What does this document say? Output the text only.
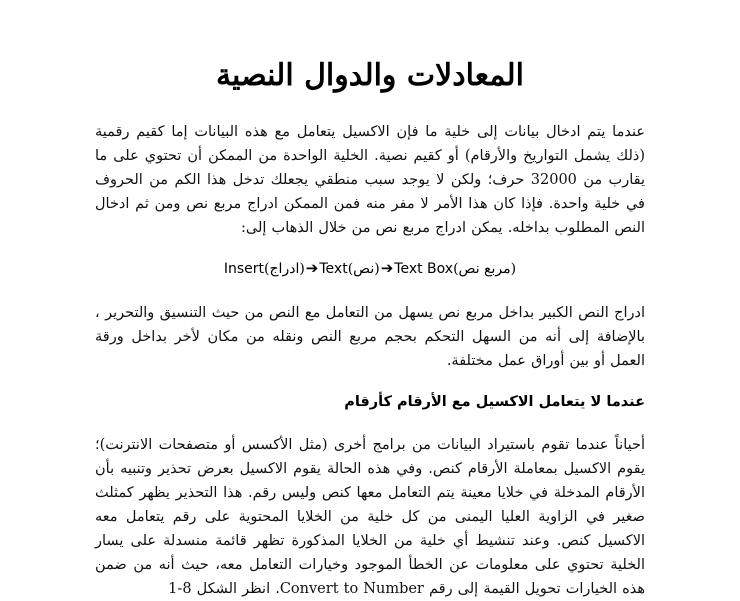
المعادلات والدوال النصية

عندما يتم ادخال بيانات إلى خلية ما فإن الاكسيل يتعامل مع هذه البيانات إما كقيم رقمية (ذلك يشمل التواريخ والأرقام) أو كقيم نصية. الخلية الواحدة من الممكن أن تحتوي على ما يقارب من 32000 حرف؛ ولكن لا يوجد سبب منطقي يجعلك تدخل هذا الكم من الحروف في خلية واحدة. فإذا كان هذا الأمر لا مفر منه فمن الممكن ادراج مربع نص ومن ثم ادخال النص المطلوب بداخله. يمكن ادراج مربع نص من خلال الذهاب إلى:

Insert(ادراج)➔Text(نص)➔Text Box(مربع نص)

ادراج النص الكبير بداخل مربع نص يسهل من التعامل مع النص من حيث التنسيق والتحرير ، بالإضافة إلى أنه من السهل التحكم بحجم مربع النص ونقله من مكان لأخر بداخل ورقة العمل أو بين أوراق عمل مختلفة.

عندما لا يتعامل الاكسيل مع الأرقام كأرقام

أحياناً عندما تقوم باستيراد البيانات من برامج أخرى (مثل الأكسس أو متصفحات الانترنت)؛ يقوم الاكسيل بمعاملة الأرقام كنص. وفي هذه الحالة يقوم الاكسيل بعرض تحذير وتنبيه بأن الأرقام المدخلة في خلايا معينة يتم التعامل معها كنص وليس رقم. هذا التحذير يظهر كمثلث صغير في الزاوية العليا اليمنى من كل خلية من الخلايا المحتوية على رقم يتعامل معه الاكسيل كنص. وعند تنشيط أي خلية من الخلايا المذكورة تظهر قائمة منسدلة على يسار الخلية تحتوي على معلومات عن الخطأ الموجود وخيارات التعامل معه، حيث أنه من ضمن هذه الخيارات تحويل القيمة إلى رقم Convert to Number. انظر الشكل 8-1
